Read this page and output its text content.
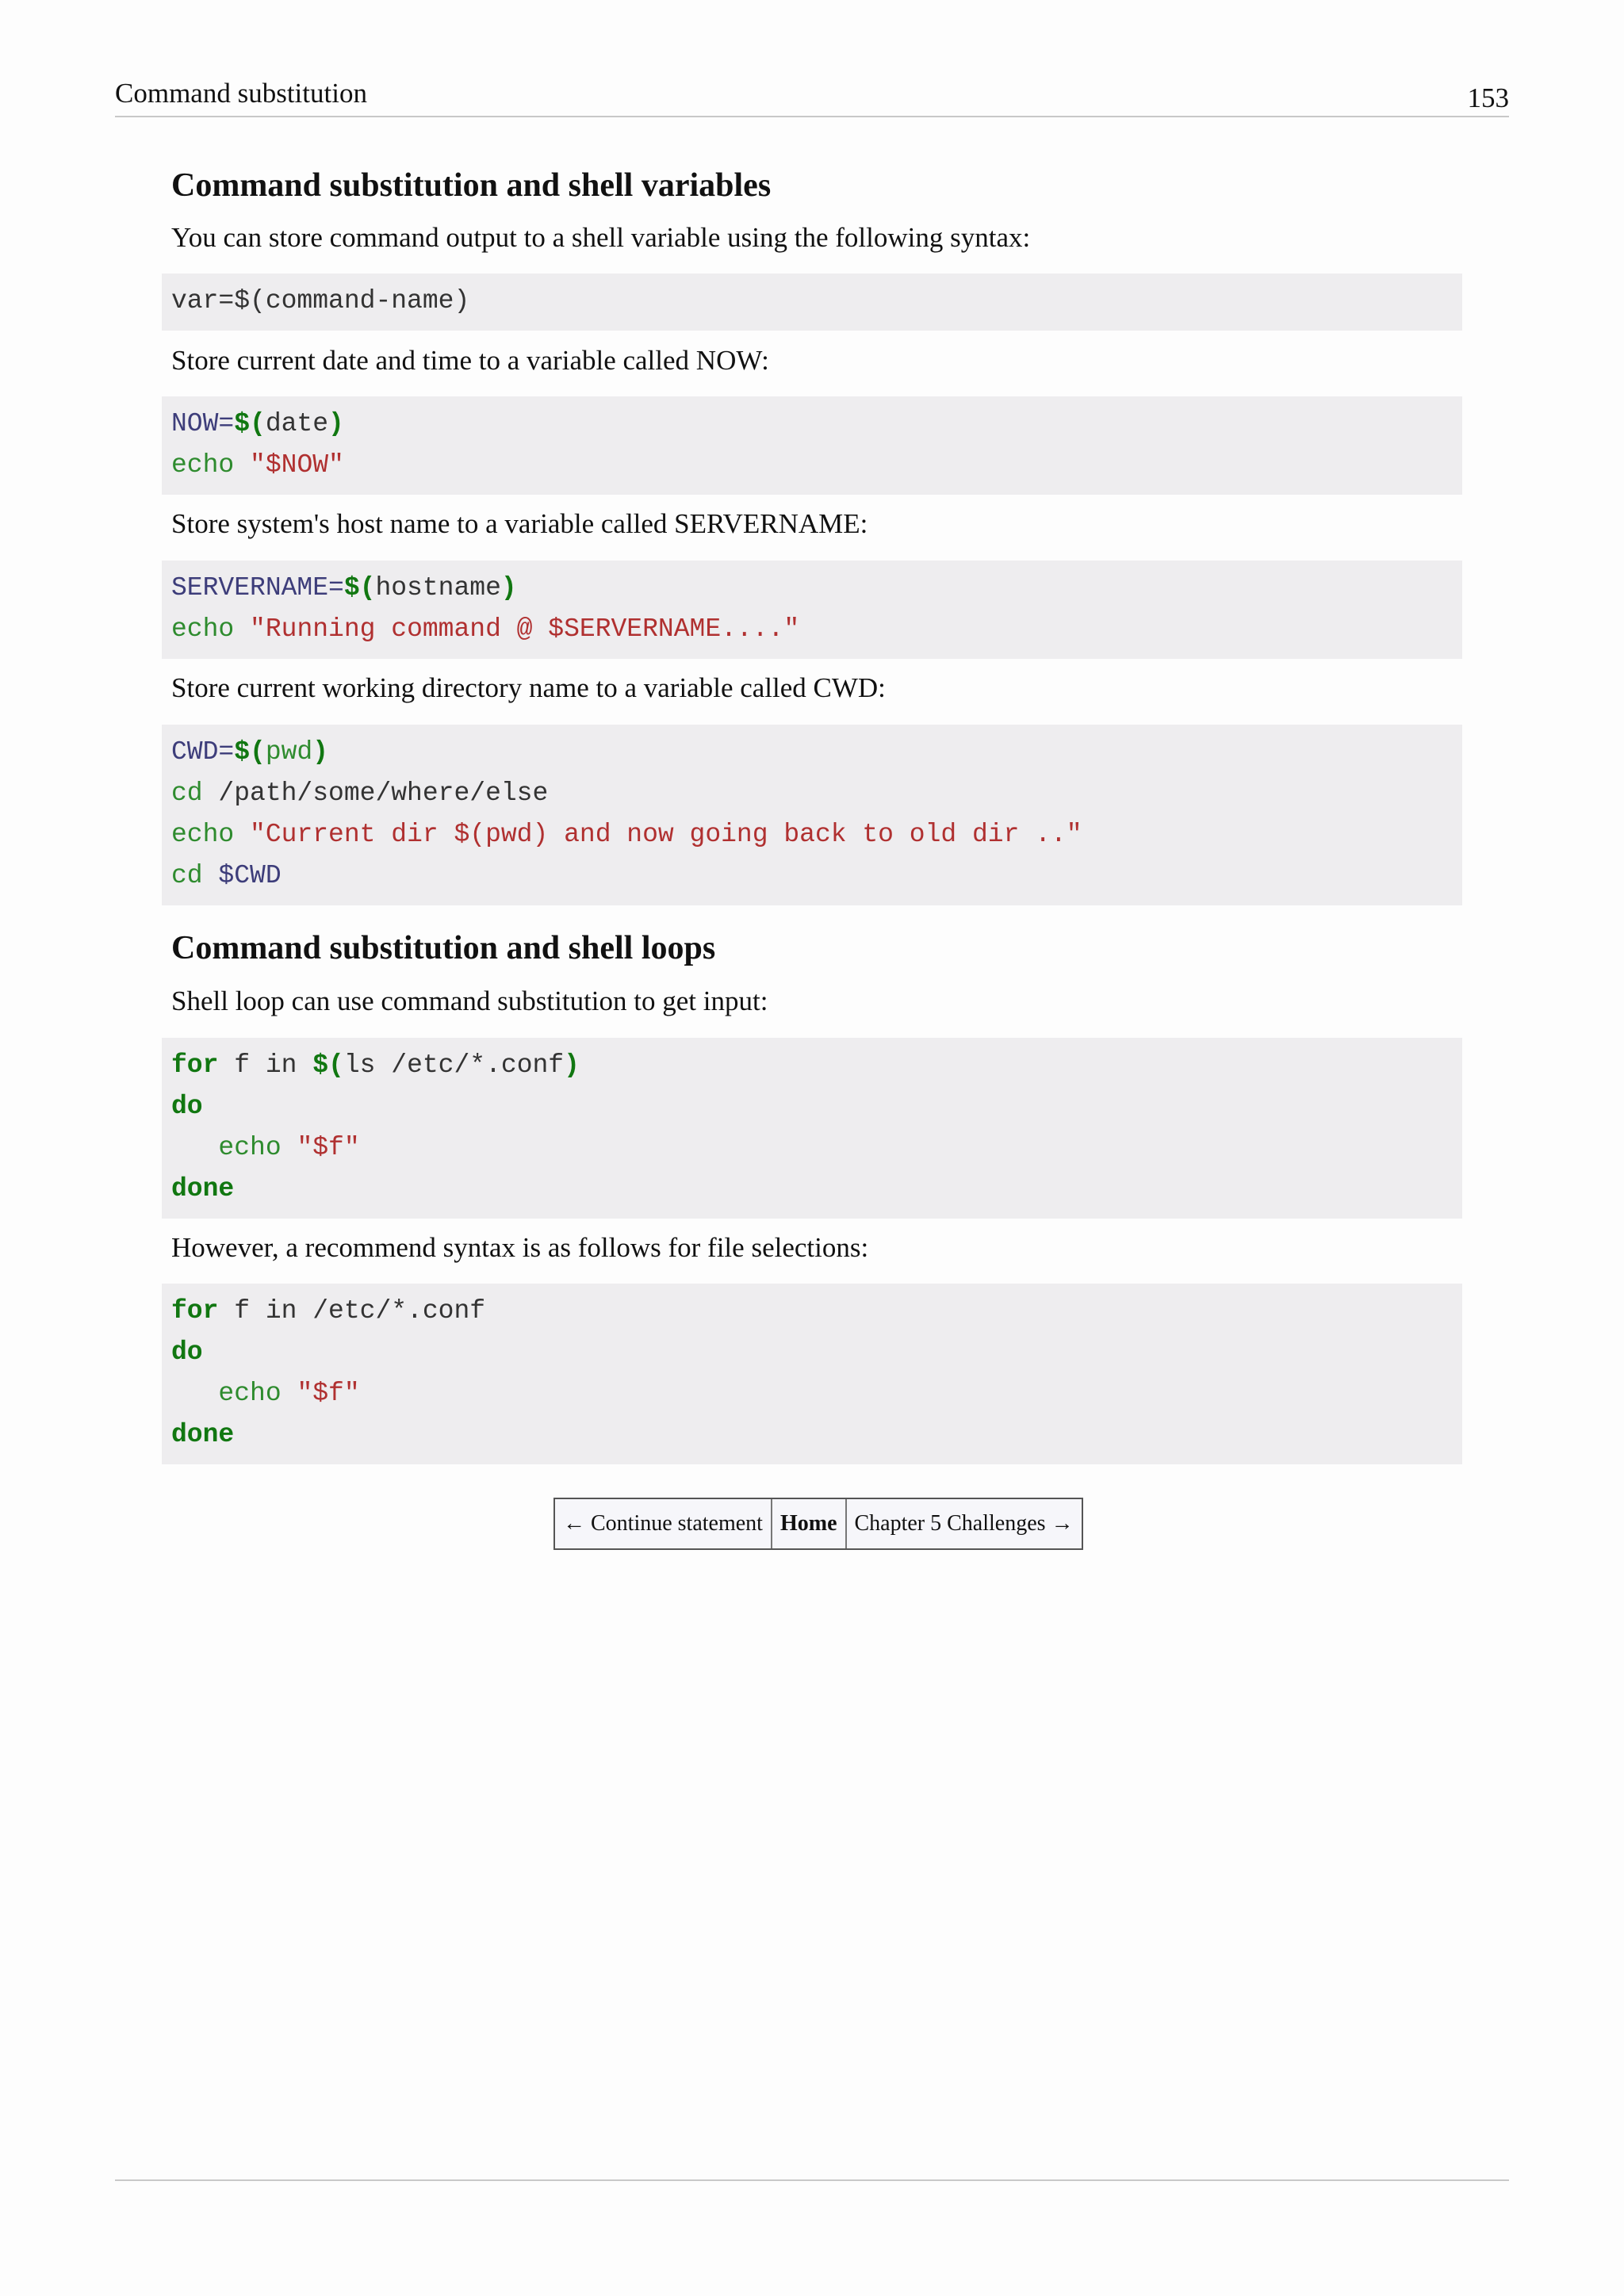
Command substitution	153
Command substitution and shell variables

You can store command output to a shell variable using the following syntax:

var=$(command-name)

Store current date and time to a variable called NOW:

NOW=$(date)
echo "$NOW"

Store system's host name to a variable called SERVERNAME:

SERVERNAME=$(hostname)
echo "Running command @ $SERVERNAME...."

Store current working directory name to a variable called CWD:

CWD=$(pwd)
cd /path/some/where/else
echo "Current dir $(pwd) and now going back to old dir .."
cd $CWD
Command substitution and shell loops

Shell loop can use command substitution to get input:

for f in $(ls /etc/*.conf)
do
echo "$f"
done

However, a recommend syntax is as follows for file selections:

for f in /etc/*.conf
do
echo "$f"
done
← Continue statement Home Chapter 5 Challenges →
